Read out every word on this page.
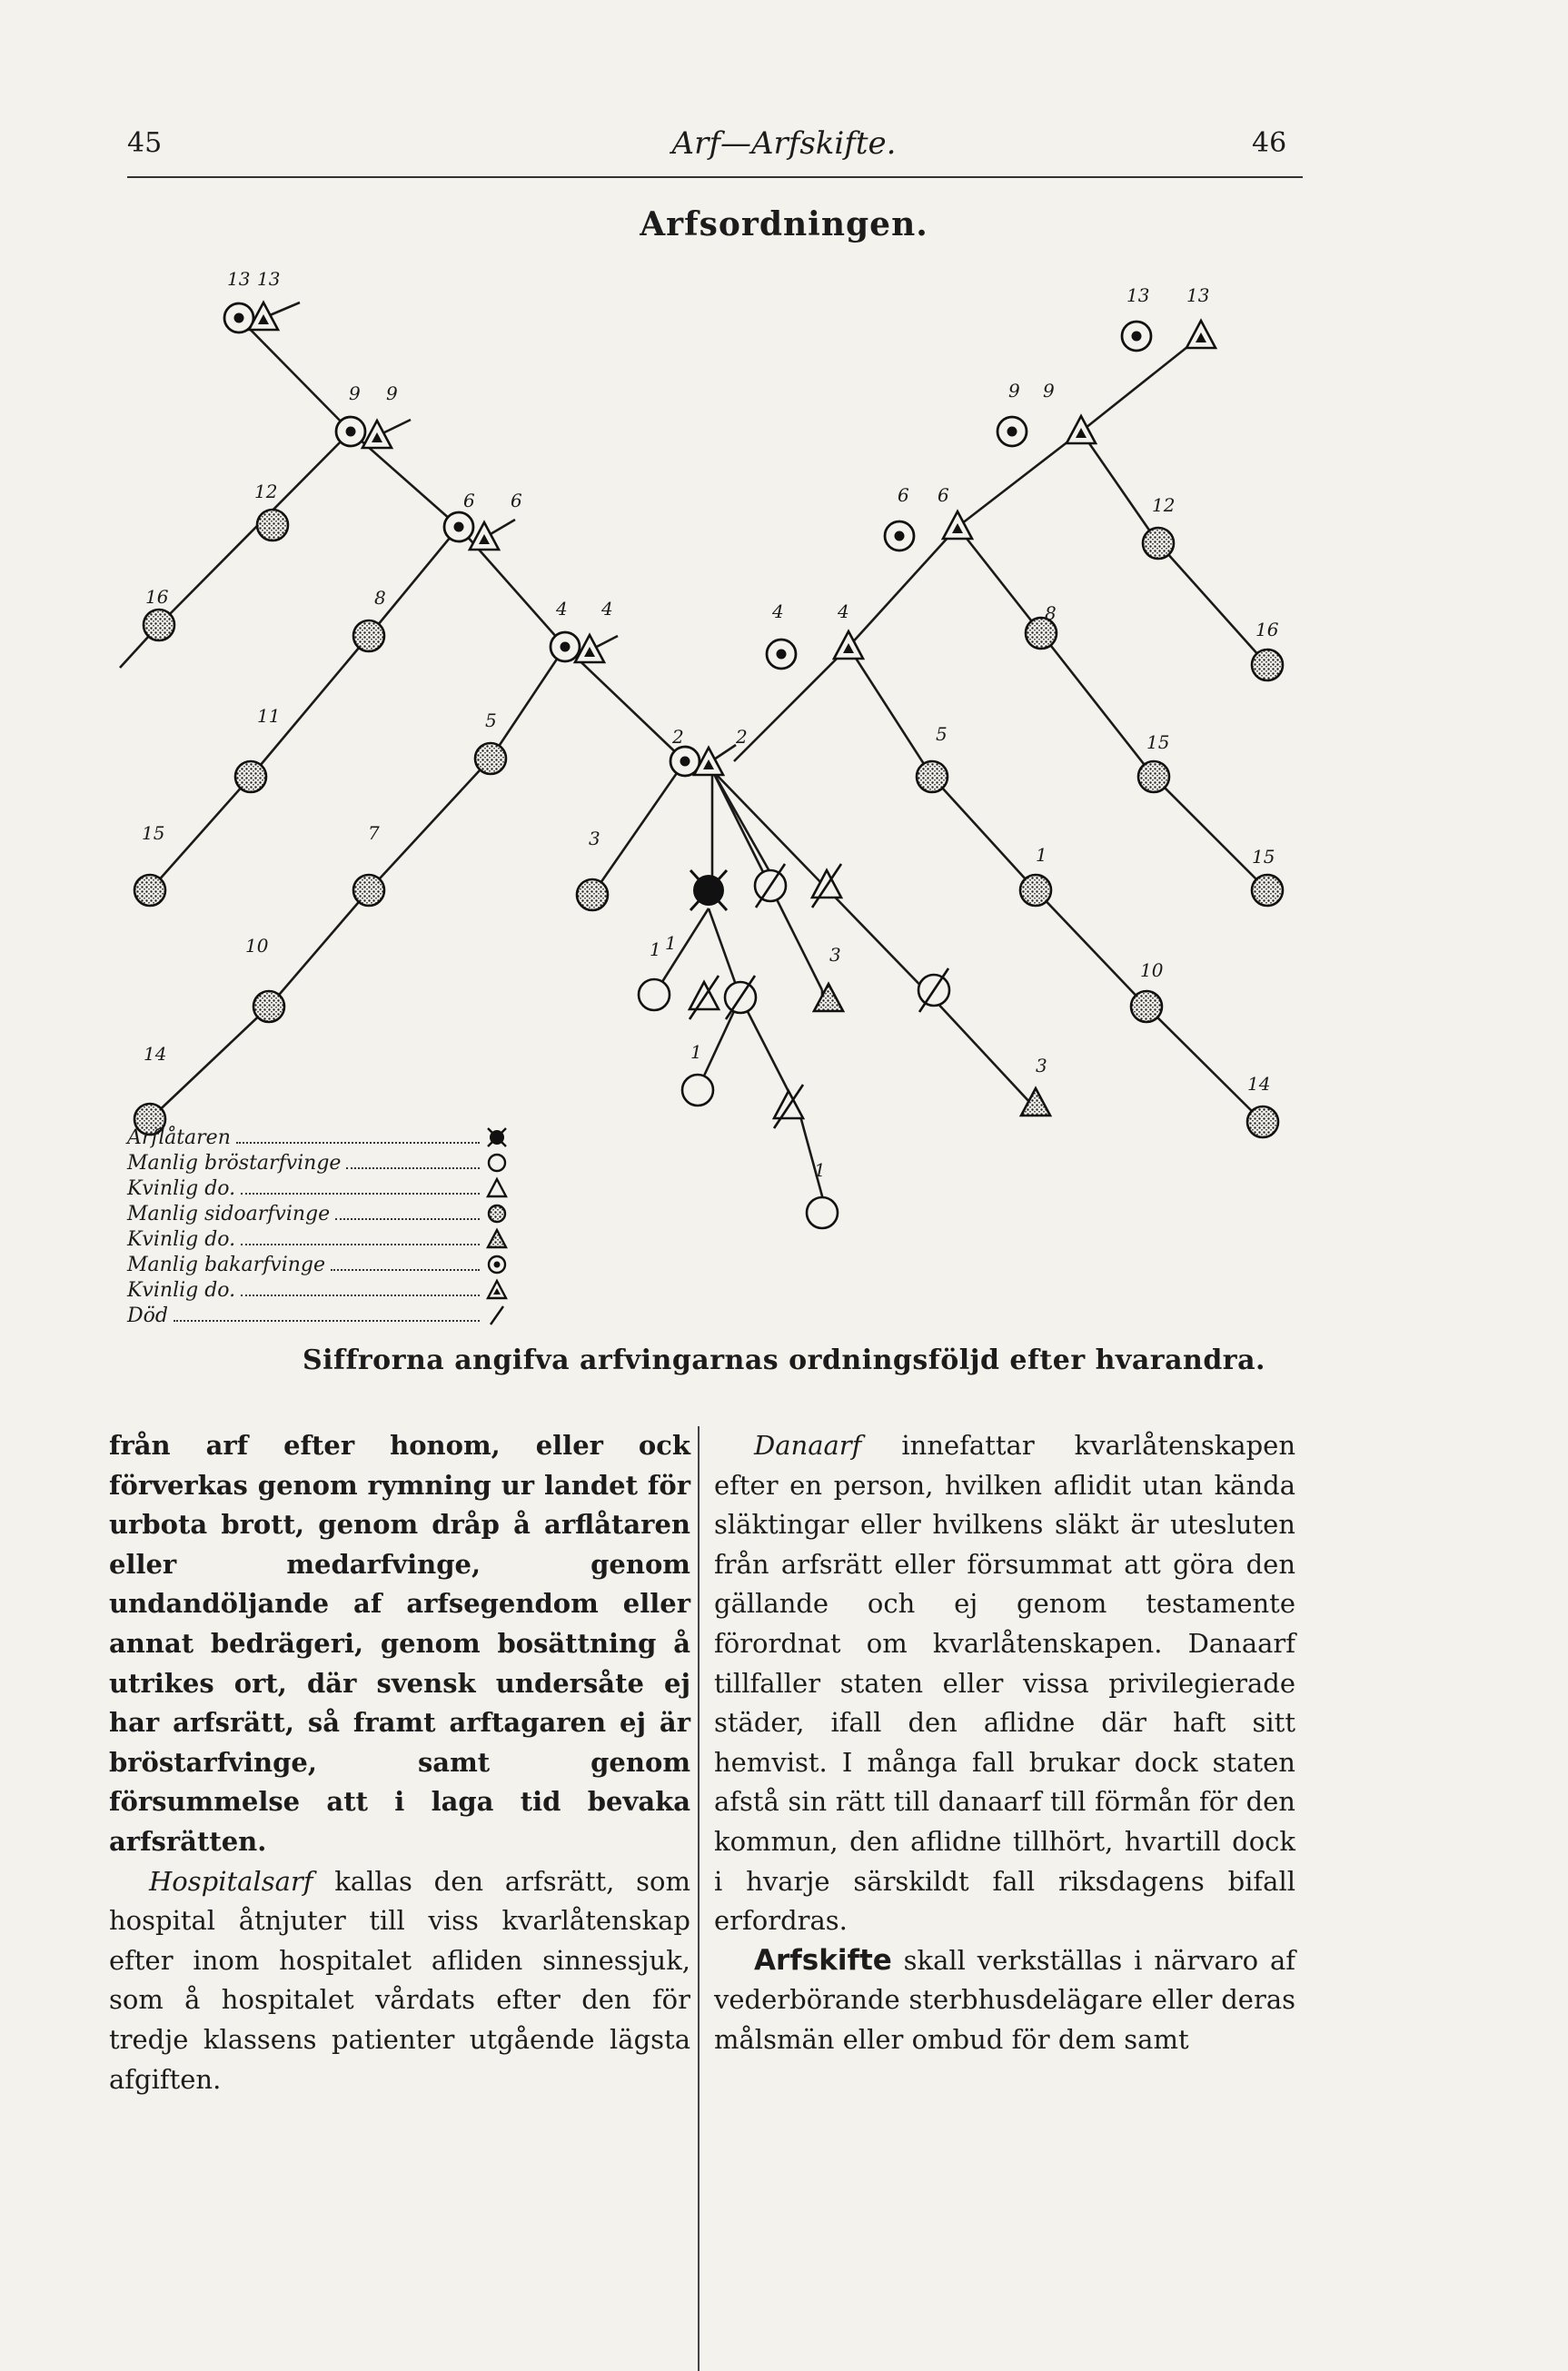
45	Arf—Arfskifte.	46
Arfsordningen.
13 13
9 9
12	6 6
16	8	4 4
11	5
2	2
15	7	3
1
10
14
4	4
6 6
9 9
13 13
12
8
16
5	15
1	15
3
10
3
14
1
1
1
Arflåtaren
Manlig bröstarfvinge
Kvinlig do.
Manlig sidoarfvinge
Kvinlig do.
Manlig bakarfvinge
Kvinlig do.
Död
Siffrorna angifva arfvingarnas ordningsföljd efter hvarandra.

från arf efter honom, eller ock förverkas genom rymning ur landet för urbota brott, genom dråp å arflåtaren eller medarfvinge, genom undandöljande af arfsegendom eller annat bedrägeri, genom bosättning å utrikes ort, där svensk undersåte ej har arfsrätt, så framt arftagaren ej är bröstarfvinge, samt genom försummelse att i laga tid bevaka arfsrätten.

Hospitalsarf kallas den arfsrätt, som hospital åtnjuter till viss kvarlåtenskap efter inom hospitalet afliden sinnessjuk, som å hospitalet vårdats efter den för tredje klassens patienter utgående lägsta afgiften.

Danaarf innefattar kvarlåtenskapen efter en person, hvilken aflidit utan kända släktingar eller hvilkens släkt är utesluten från arfsrätt eller försummat att göra den gällande och ej genom testamente förordnat om kvarlåtenskapen. Danaarf tillfaller staten eller vissa privilegierade städer, ifall den aflidne där haft sitt hemvist. I många fall brukar dock staten afstå sin rätt till danaarf till förmån för den kommun, den aflidne tillhört, hvartill dock i hvarje särskildt fall riksdagens bifall erfordras.

Arfskifte skall verkställas i närvaro af vederbörande sterbhusdelägare eller deras målsmän eller ombud för dem samt
